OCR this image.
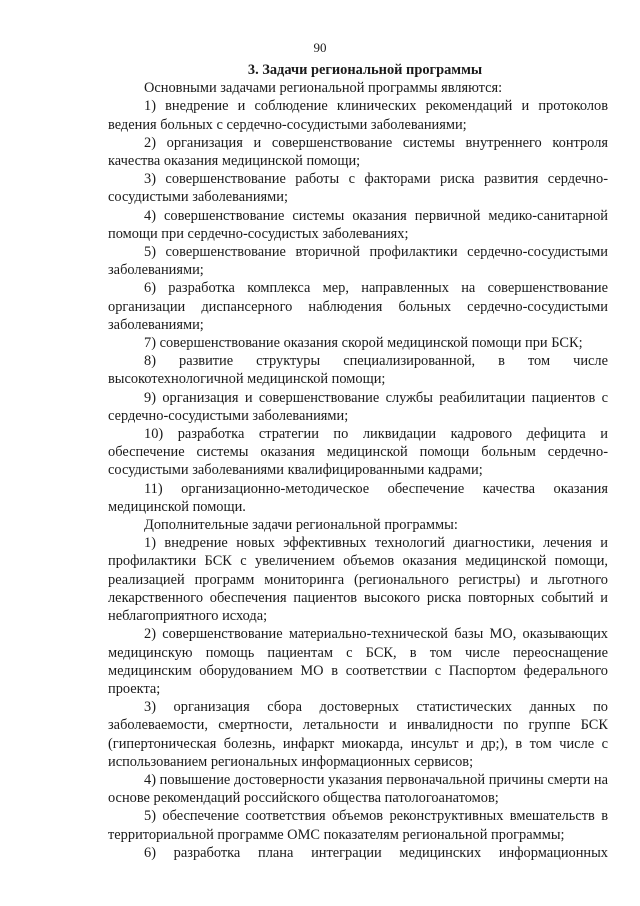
90

3. Задачи региональной программы

Основными задачами региональной программы являются:

1) внедрение и соблюдение клинических рекомендаций и протоколов ведения больных с сердечно-сосудистыми заболеваниями;

2) организация и совершенствование системы внутреннего контроля качества оказания медицинской помощи;

3) совершенствование работы с факторами риска развития сердечно-сосудистыми заболеваниями;

4) совершенствование системы оказания первичной медико-санитарной помощи при сердечно-сосудистых заболеваниях;

5) совершенствование вторичной профилактики сердечно-сосудистыми заболеваниями;

6) разработка комплекса мер, направленных на совершенствование организации диспансерного наблюдения больных сердечно-сосудистыми заболеваниями;

7) совершенствование оказания скорой медицинской помощи при БСК;

8) развитие структуры специализированной, в том числе высокотехнологичной медицинской помощи;

9) организация и совершенствование службы реабилитации пациентов с сердечно-сосудистыми заболеваниями;

10) разработка стратегии по ликвидации кадрового дефицита и обеспечение системы оказания медицинской помощи больным сердечно-сосудистыми заболеваниями квалифицированными кадрами;

11) организационно-методическое обеспечение качества оказания медицинской помощи.

Дополнительные задачи региональной программы:

1) внедрение новых эффективных технологий диагностики, лечения и профилактики БСК с увеличением объемов оказания медицинской помощи, реализацией программ мониторинга (регионального регистры) и льготного лекарственного обеспечения пациентов высокого риска повторных событий и неблагоприятного исхода;

2) совершенствование материально-технической базы МО, оказывающих медицинскую помощь пациентам с БСК, в том числе переоснащение медицинским оборудованием МО в соответствии с Паспортом федерального проекта;

3) организация сбора достоверных статистических данных по заболеваемости, смертности, летальности и инвалидности по группе БСК (гипертоническая болезнь, инфаркт миокарда, инсульт и др;), в том числе с использованием региональных информационных сервисов;

4) повышение достоверности указания первоначальной причины смерти на основе рекомендаций российского общества патологоанатомов;

5) обеспечение соответствия объемов реконструктивных вмешательств в территориальной программе ОМС показателям региональной программы;

6) разработка плана интеграции медицинских информационных
